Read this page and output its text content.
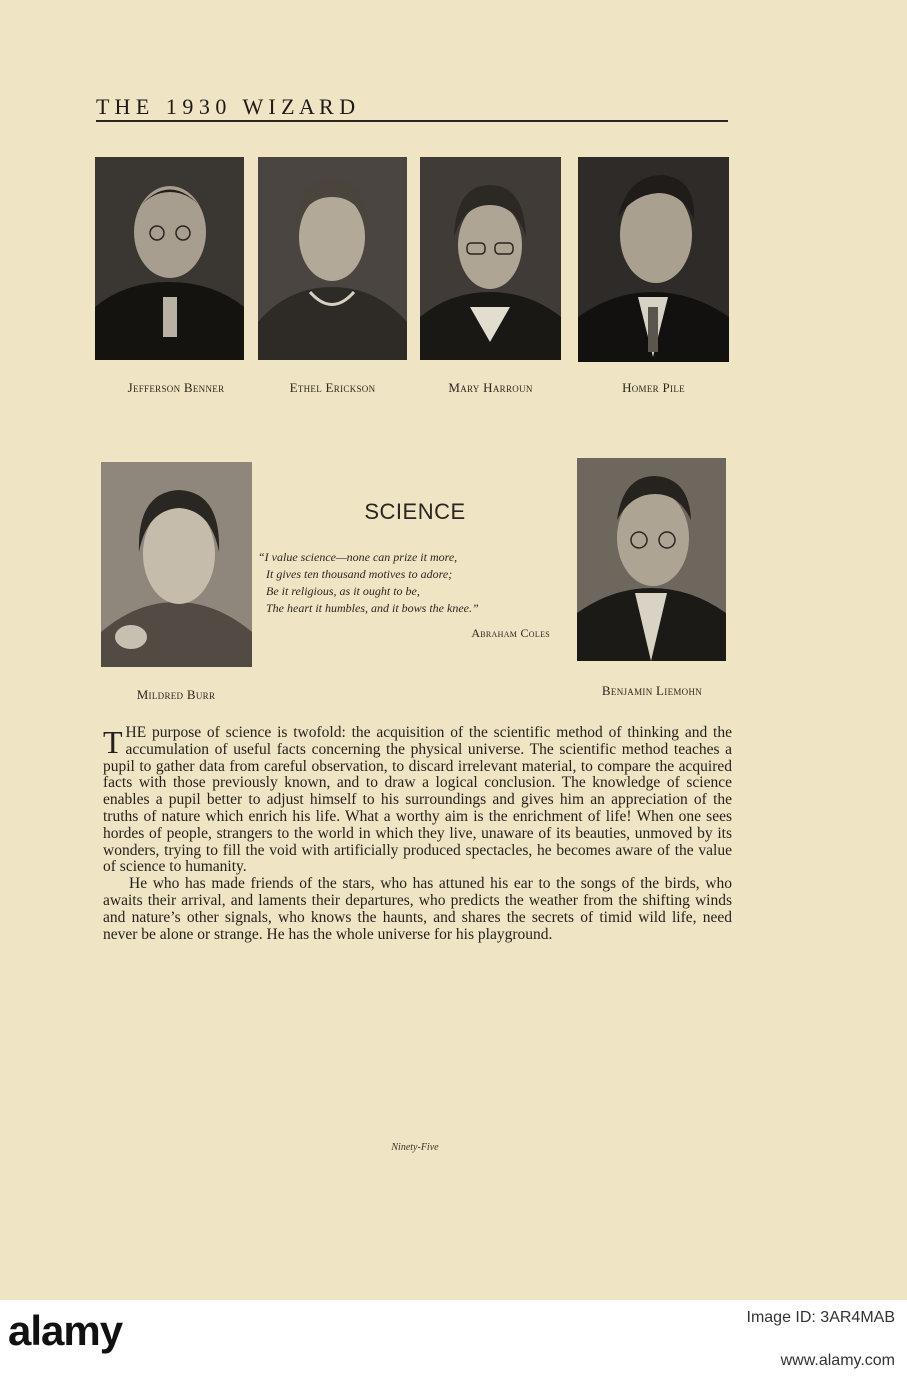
T H E   1 9 3 0   W I Z A R D
Jefferson Benner	Ethel Erickson	Mary Harroun	Homer Pile
Mildred Burr	Benjamin Liemohn
SCIENCE
“I value science—none can prize it more,
It gives ten thousand motives to adore;
Be it religious, as it ought to be,
The heart it humbles, and it bows the knee.”
Abraham Coles

THE purpose of science is twofold: the acquisition of the scientific method of thinking and the accumulation of useful facts concerning the physical universe. The scientific method teaches a pupil to gather data from careful observation, to discard irrelevant material, to compare the acquired facts with those previously known, and to draw a logical conclusion. The knowledge of science enables a pupil better to adjust himself to his surroundings and gives him an appreciation of the truths of nature which enrich his life. What a worthy aim is the enrichment of life! When one sees hordes of people, strangers to the world in which they live, unaware of its beauties, unmoved by its wonders, trying to fill the void with artificially produced spectacles, he becomes aware of the value of science to humanity.

He who has made friends of the stars, who has attuned his ear to the songs of the birds, who awaits their arrival, and laments their departures, who predicts the weather from the shifting winds and nature’s other signals, who knows the haunts, and shares the secrets of timid wild life, need never be alone or strange. He has the whole universe for his playground.

Ninety-Five
alamy	Image ID: 3AR4MAB
www.alamy.com
